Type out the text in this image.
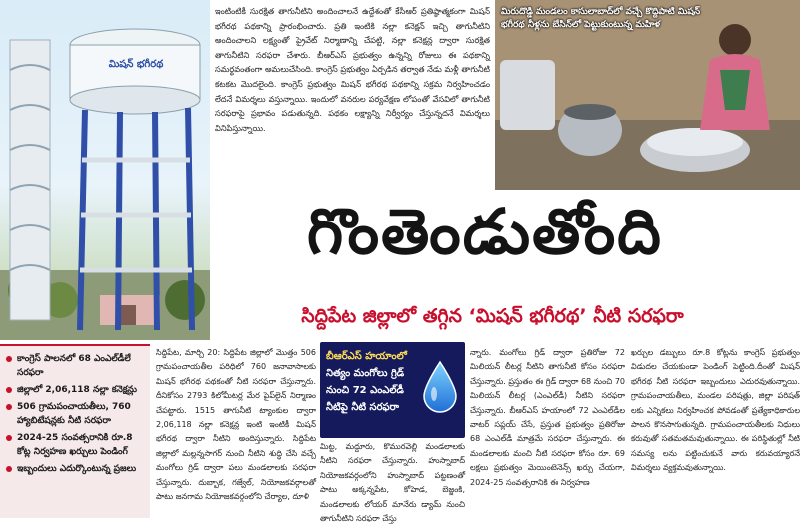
మిషన్ భగీరథ
ఇంటింటికీ సురక్షిత తాగునీటిని అందించాలనే ఉద్దేశంతో కేసీఆర్ ప్రతిష్ఠాత్మకంగా మిషన్ భగీరథ పథకాన్ని ప్రారంభించారు. ప్రతి ఇంటికి నల్లా కనెక్షన్ ఇచ్చి తాగునీటిని అందించాలని లక్ష్యంతో ప్రైవేట్ నిర్మాణాన్ని చేపట్టి, నల్లా కనెక్షన్ల ద్వారా సురక్షిత తాగునీటిని సరఫరా చేశారు. బీఆర్ఎస్ ప్రభుత్వం ఉన్నన్ని రోజులు ఈ పథకాన్ని సమర్థవంతంగా అమలుచేసింది. కాంగ్రెస్ ప్రభుత్వం ఏర్పడిన తర్వాత నేడు మళ్లీ తాగునీటి కటకట మొదలైంది. కాంగ్రెస్ ప్రభుత్వం మిషన్ భగీరథ పథకాన్ని సక్రమ నిర్వహించడం లేదనే విమర్శలు వస్తున్నాయి. ఇందులో వనరుల పర్యవేక్షణ లోపంతో వేసవిలో తాగునీటి సరఫరాపై ప్రభావం పడుతున్నది. పథకం లక్ష్యాన్ని నిర్వీర్యం చేస్తున్నదనే విమర్శలు వినిపిస్తున్నాయి.
మిరుదొడ్డి మండలం కాసులాబాద్‌లో వచ్చే కొద్దిపాటి మిషన్ భగీరథ నీళ్లను బేసిన్‌లో పెట్టుకుంటున్న మహిళ
గొంతెండుతోంది
సిద్దిపేట జిల్లాలో తగ్గిన ‘మిషన్ భగీరథ’ నీటి సరఫరా
కాంగ్రెస్ పాలనలో 68 ఎంఎల్‌డీలే సరఫరా
జిల్లాలో 2,06,118 నల్లా కనెక్షన్లు
506 గ్రామపంచాయతీలు, 760 హ్యాబిటేషన్లకు నీటి సరఫరా
2024-25 సంవత్సరానికి రూ.8 కోట్ల నిర్వహణ ఖర్చులు పెండింగ్
ఇబ్బందులు ఎదుర్కొంటున్న ప్రజలు
సిద్దిపేట, మార్చి 20: సిద్దిపేట జిల్లాలో మొత్తం 506 గ్రామపంచాయతీల పరిధిలో 760 జనావాసాలకు మిషన్ భగీరథ పథకంతో నీటి సరఫరా చేస్తున్నారు. దీనికోసం 2793 కిలోమీటర్ల మేర పైప్‌లైన్ నిర్మాణం చేపట్టారు. 1515 తాగునీటి ట్యాంకుల ద్వారా 2,06,118 నల్లా కనెక్షన్ల ఇంటి ఇంటికీ మిషన్ భగీరథ ద్వారా నీటిని అందిస్తున్నారు. సిద్దిపేట జిల్లాలో మల్లన్నసాగర్ నుంచి నీటిని శుద్ధి చేసి వచ్చే మంగోలు గ్రిడ్ ద్వారా పలు మండలాలకు సరఫరా చేస్తున్నారు. దుబ్బాక, గజ్వేల్, నియోజకవర్గాలతో పాటు జనగామ నియోజకవర్గంలోని చేర్యాల, దూళి
బీఆర్ఎస్ హయాంలో
నిత్యం మంగోలు గ్రిడ్
నుంచి 72 ఎంఎల్‌డీ
నీటిపై నీటి సరఫరా
మిట్ట, మద్దూరు, కొమురవెల్లి మండలాలకు నీటిని సరఫరా చేస్తున్నారు. హుస్నాబాద్ నియోజకవర్గంలోని హుస్నాబాద్ పట్టణంతో పాటు అక్కన్నపేట, కోహెడ, బెజ్జంకి, మండలాలకు లోయర్ మానేరు డ్యామ్ నుంచి తాగునీటిని సరఫరా చేస్తు
న్నారు. మంగోలు గ్రిడ్ ద్వారా ప్రతిరోజు 72 మిలియన్ లీటర్ల నీటిని తాగునీటి కోసం సరఫరా చేస్తున్నారు. ప్రస్తుతం ఈ గ్రిడ్ ద్వారా 68 నుంచి 70 మిలియన్ లీటర్ల (ఎంఎల్‌డీ) నీటిని సరఫరా చేస్తున్నారు. బీఆర్ఎస్ హయాంలో 72 ఎంఎల్‌డీల వాటర్ సప్లయ్ చేసే, ప్రస్తుత ప్రభుత్వం ప్రతిరోజు 68 ఎంఎల్‌డీ మాత్రమే సరఫరా చేస్తున్నారు. ఈ మండలాలకు మంచి నీటి సరఫరా కోసం రూ. 69 లక్షలు ప్రభుత్వం మెయింటెనెన్స్ ఖర్చు చేయగా, 2024-25 సంవత్సరానికి ఈ నిర్వహణ
ఖర్చుల డబ్బులు రూ.8 కోట్లను కాంగ్రెస్ ప్రభుత్వం విడుదల చేయకుండా పెండింగ్ పెట్టింది.దీంతో మిషన్ భగీరథ నీటి సరఫరా ఇబ్బందులు ఎదురవుతున్నాయి. గ్రామపంచాయతీలు, మండల పరిషత్లు, జిల్లా పరిషత్ లకు ఎన్నికలు నిర్వహించక పోవడంతో ప్రత్యేకాధికారుల పాలన కొనసాగుతున్నది. గ్రామపంచాయతీలకు నిధులు కరువుతో సతమతమవుతున్నాయి. ఈ పరిస్థితుల్లో నీటి సమస్య లను పట్టించుకునే వారు కరువయ్యారనే విమర్శలు వ్యక్తమవుతున్నాయి.
